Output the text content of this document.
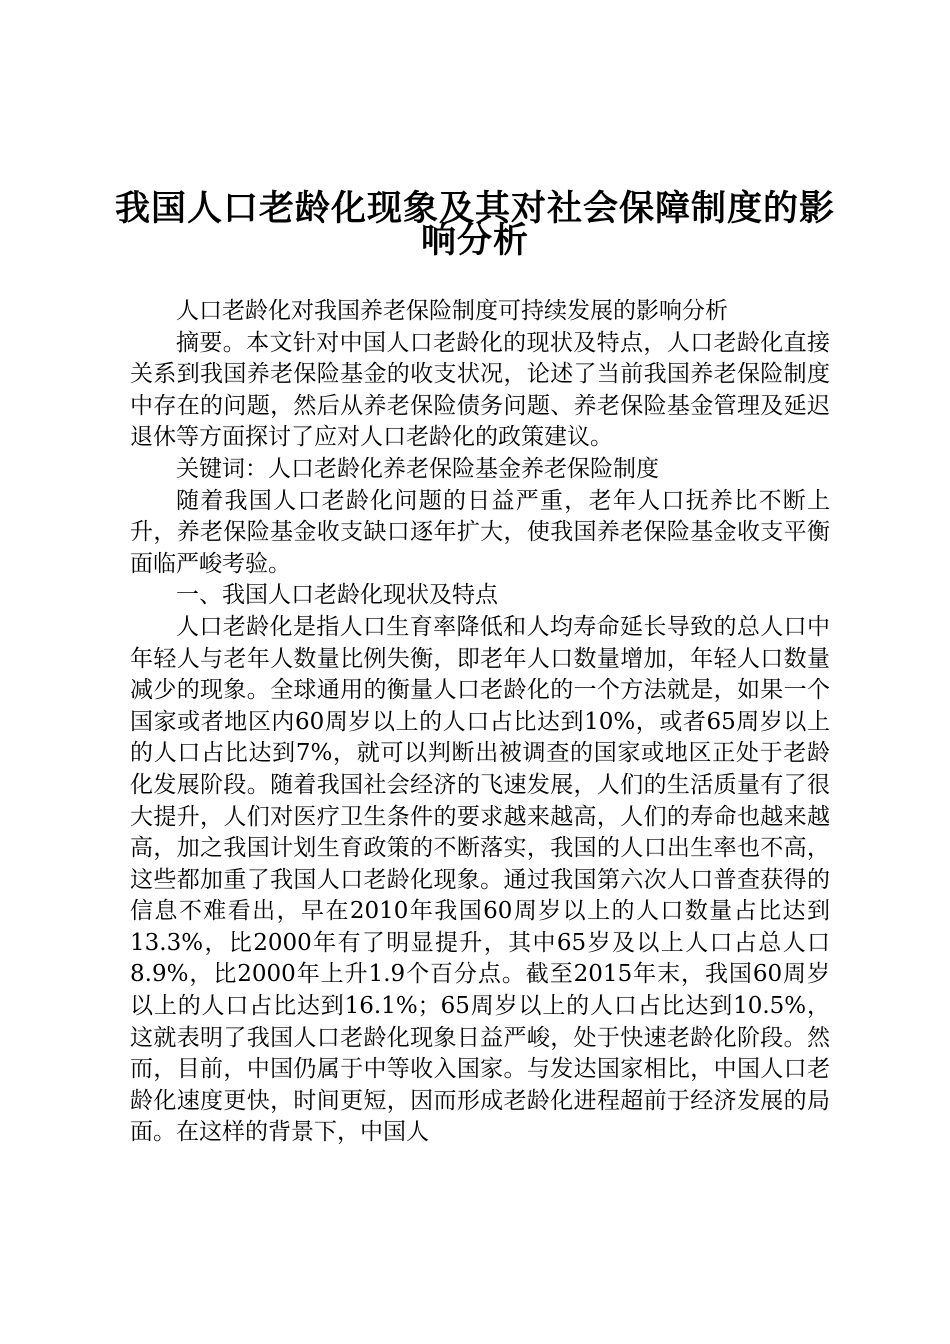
我国人口老龄化现象及其对社会保障制度的影
响分析

人口老龄化对我国养老保险制度可持续发展的影响分析

摘要。本文针对中国人口老龄化的现状及特点，人口老龄化直接关系到我国养老保险基金的收支状况，论述了当前我国养老保险制度中存在的问题，然后从养老保险债务问题、养老保险基金管理及延迟退休等方面探讨了应对人口老龄化的政策建议。

关键词：人口老龄化养老保险基金养老保险制度

随着我国人口老龄化问题的日益严重，老年人口抚养比不断上升，养老保险基金收支缺口逐年扩大，使我国养老保险基金收支平衡面临严峻考验。

一、我国人口老龄化现状及特点

人口老龄化是指人口生育率降低和人均寿命延长导致的总人口中年轻人与老年人数量比例失衡，即老年人口数量增加，年轻人口数量减少的现象。全球通用的衡量人口老龄化的一个方法就是，如果一个国家或者地区内60周岁以上的人口占比达到10%，或者65周岁以上的人口占比达到7%，就可以判断出被调查的国家或地区正处于老龄化发展阶段。随着我国社会经济的飞速发展，人们的生活质量有了很大提升，人们对医疗卫生条件的要求越来越高，人们的寿命也越来越高，加之我国计划生育政策的不断落实，我国的人口出生率也不高，这些都加重了我国人口老龄化现象。通过我国第六次人口普查获得的信息不难看出，早在2010年我国60周岁以上的人口数量占比达到13.3%，比2000年有了明显提升，其中65岁及以上人口占总人口8.9%，比2000年上升1.9个百分点。截至2015年末，我国60周岁以上的人口占比达到16.1%；65周岁以上的人口占比达到10.5%，这就表明了我国人口老龄化现象日益严峻，处于快速老龄化阶段。然而，目前，中国仍属于中等收入国家。与发达国家相比，中国人口老龄化速度更快，时间更短，因而形成老龄化进程超前于经济发展的局面。在这样的背景下，中国人
